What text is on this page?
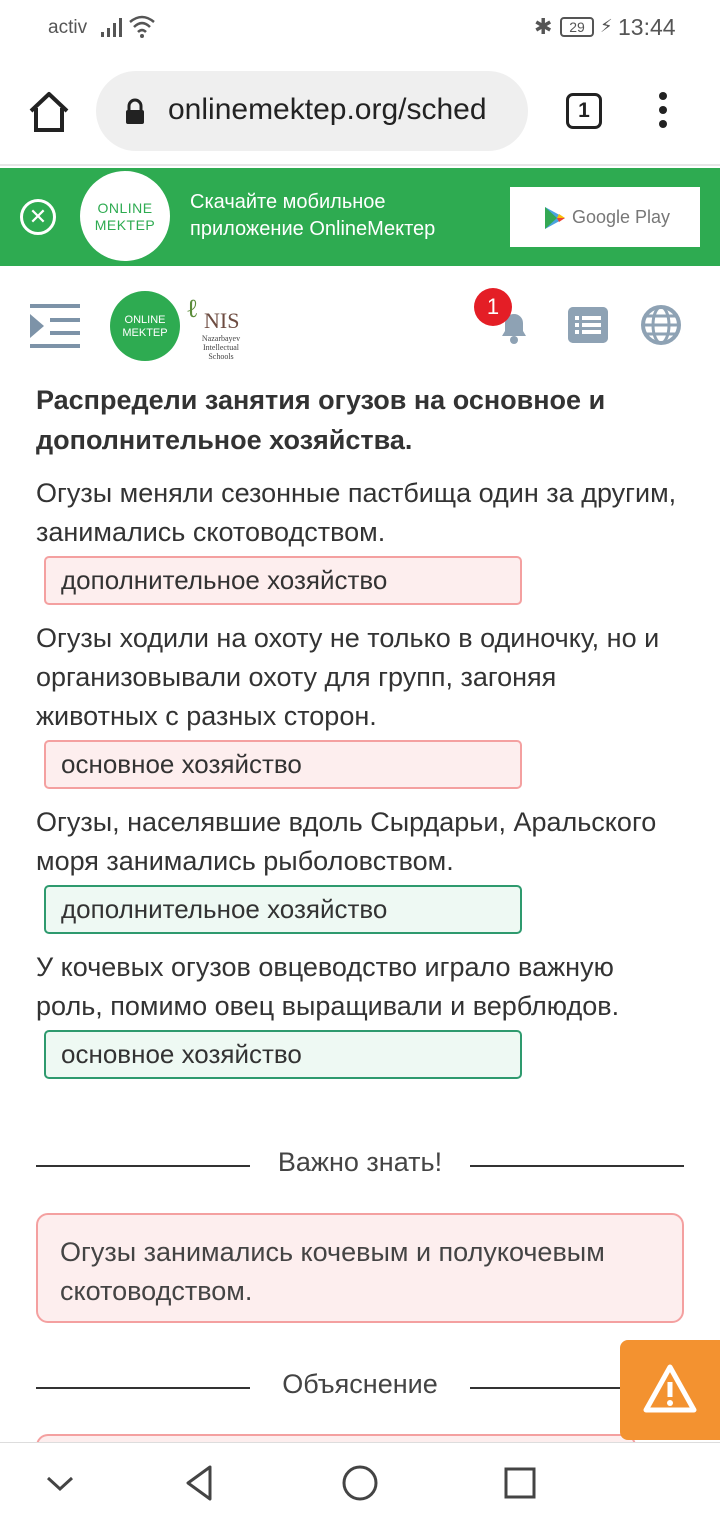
activ	✱	29 ⚡ 13:44
onlinemektep.org/sched	1
✕	ONLINE
MEKTEP
Скачайте мобильное
приложение OnlineМектер
Google Play
ONLINE
MEKTEP
ℓ NIS
Nazarbayev Intellectual Schools
1
Распредели занятия огузов на основное и дополнительное хозяйства.
Огузы меняли сезонные пастбища один за другим, занимались скотоводством.
дополнительное хозяйство
Огузы ходили на охоту не только в одиночку, но и организовывали охоту для групп, загоняя животных с разных сторон.
основное хозяйство
Огузы, населявшие вдоль Сырдарьи, Аральского моря занимались рыболовством.
дополнительное хозяйство
У кочевых огузов овцеводство играло важную роль, помимо овец выращивали и верблюдов.
основное хозяйство
Важно знать!
Огузы занимались кочевым и полукочевым скотоводством.
Объяснение
